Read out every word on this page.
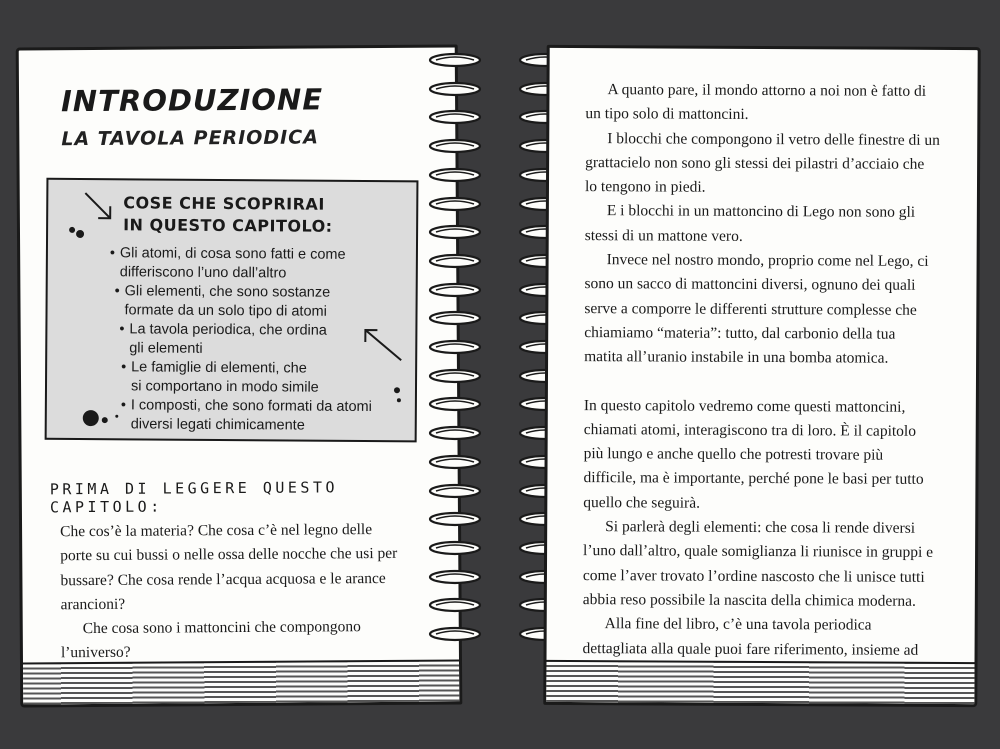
INTRODUZIONE
LA TAVOLA PERIODICA
COSE CHE SCOPRIRAI
IN QUESTO CAPITOLO:
• Gli atomi, di cosa sono fatti e come
differiscono l’uno dall’altro
• Gli elementi, che sono sostanze
formate da un solo tipo di atomi
• La tavola periodica, che ordina
gli elementi
• Le famiglie di elementi, che
si comportano in modo simile
• I composti, che sono formati da atomi
diversi legati chimicamente
PRIMA DI LEGGERE QUESTO CAPITOLO:

Che cos’è la materia? Che cosa c’è nel legno delle
porte su cui bussi o nelle ossa delle nocche che usi per
bussare? Che cosa rende l’acqua acquosa e le arance
arancioni?

Che cosa sono i mattoncini che compongono
l’universo?

A quanto pare, il mondo attorno a noi non è fatto di
un tipo solo di mattoncini.

I blocchi che compongono il vetro delle finestre di un
grattacielo non sono gli stessi dei pilastri d’acciaio che
lo tengono in piedi.

E i blocchi in un mattoncino di Lego non sono gli
stessi di un mattone vero.

Invece nel nostro mondo, proprio come nel Lego, ci
sono un sacco di mattoncini diversi, ognuno dei quali
serve a comporre le differenti strutture complesse che
chiamiamo “materia”: tutto, dal carbonio della tua
matita all’uranio instabile in una bomba atomica.

In questo capitolo vedremo come questi mattoncini,
chiamati atomi, interagiscono tra di loro. È il capitolo
più lungo e anche quello che potresti trovare più
difficile, ma è importante, perché pone le basi per tutto
quello che seguirà.

Si parlerà degli elementi: che cosa li rende diversi
l’uno dall’altro, quale somiglianza li riunisce in gruppi e
come l’aver trovato l’ordine nascosto che li unisce tutti
abbia reso possibile la nascita della chimica moderna.

Alla fine del libro, c’è una tavola periodica
dettagliata alla quale puoi fare riferimento, insieme ad
